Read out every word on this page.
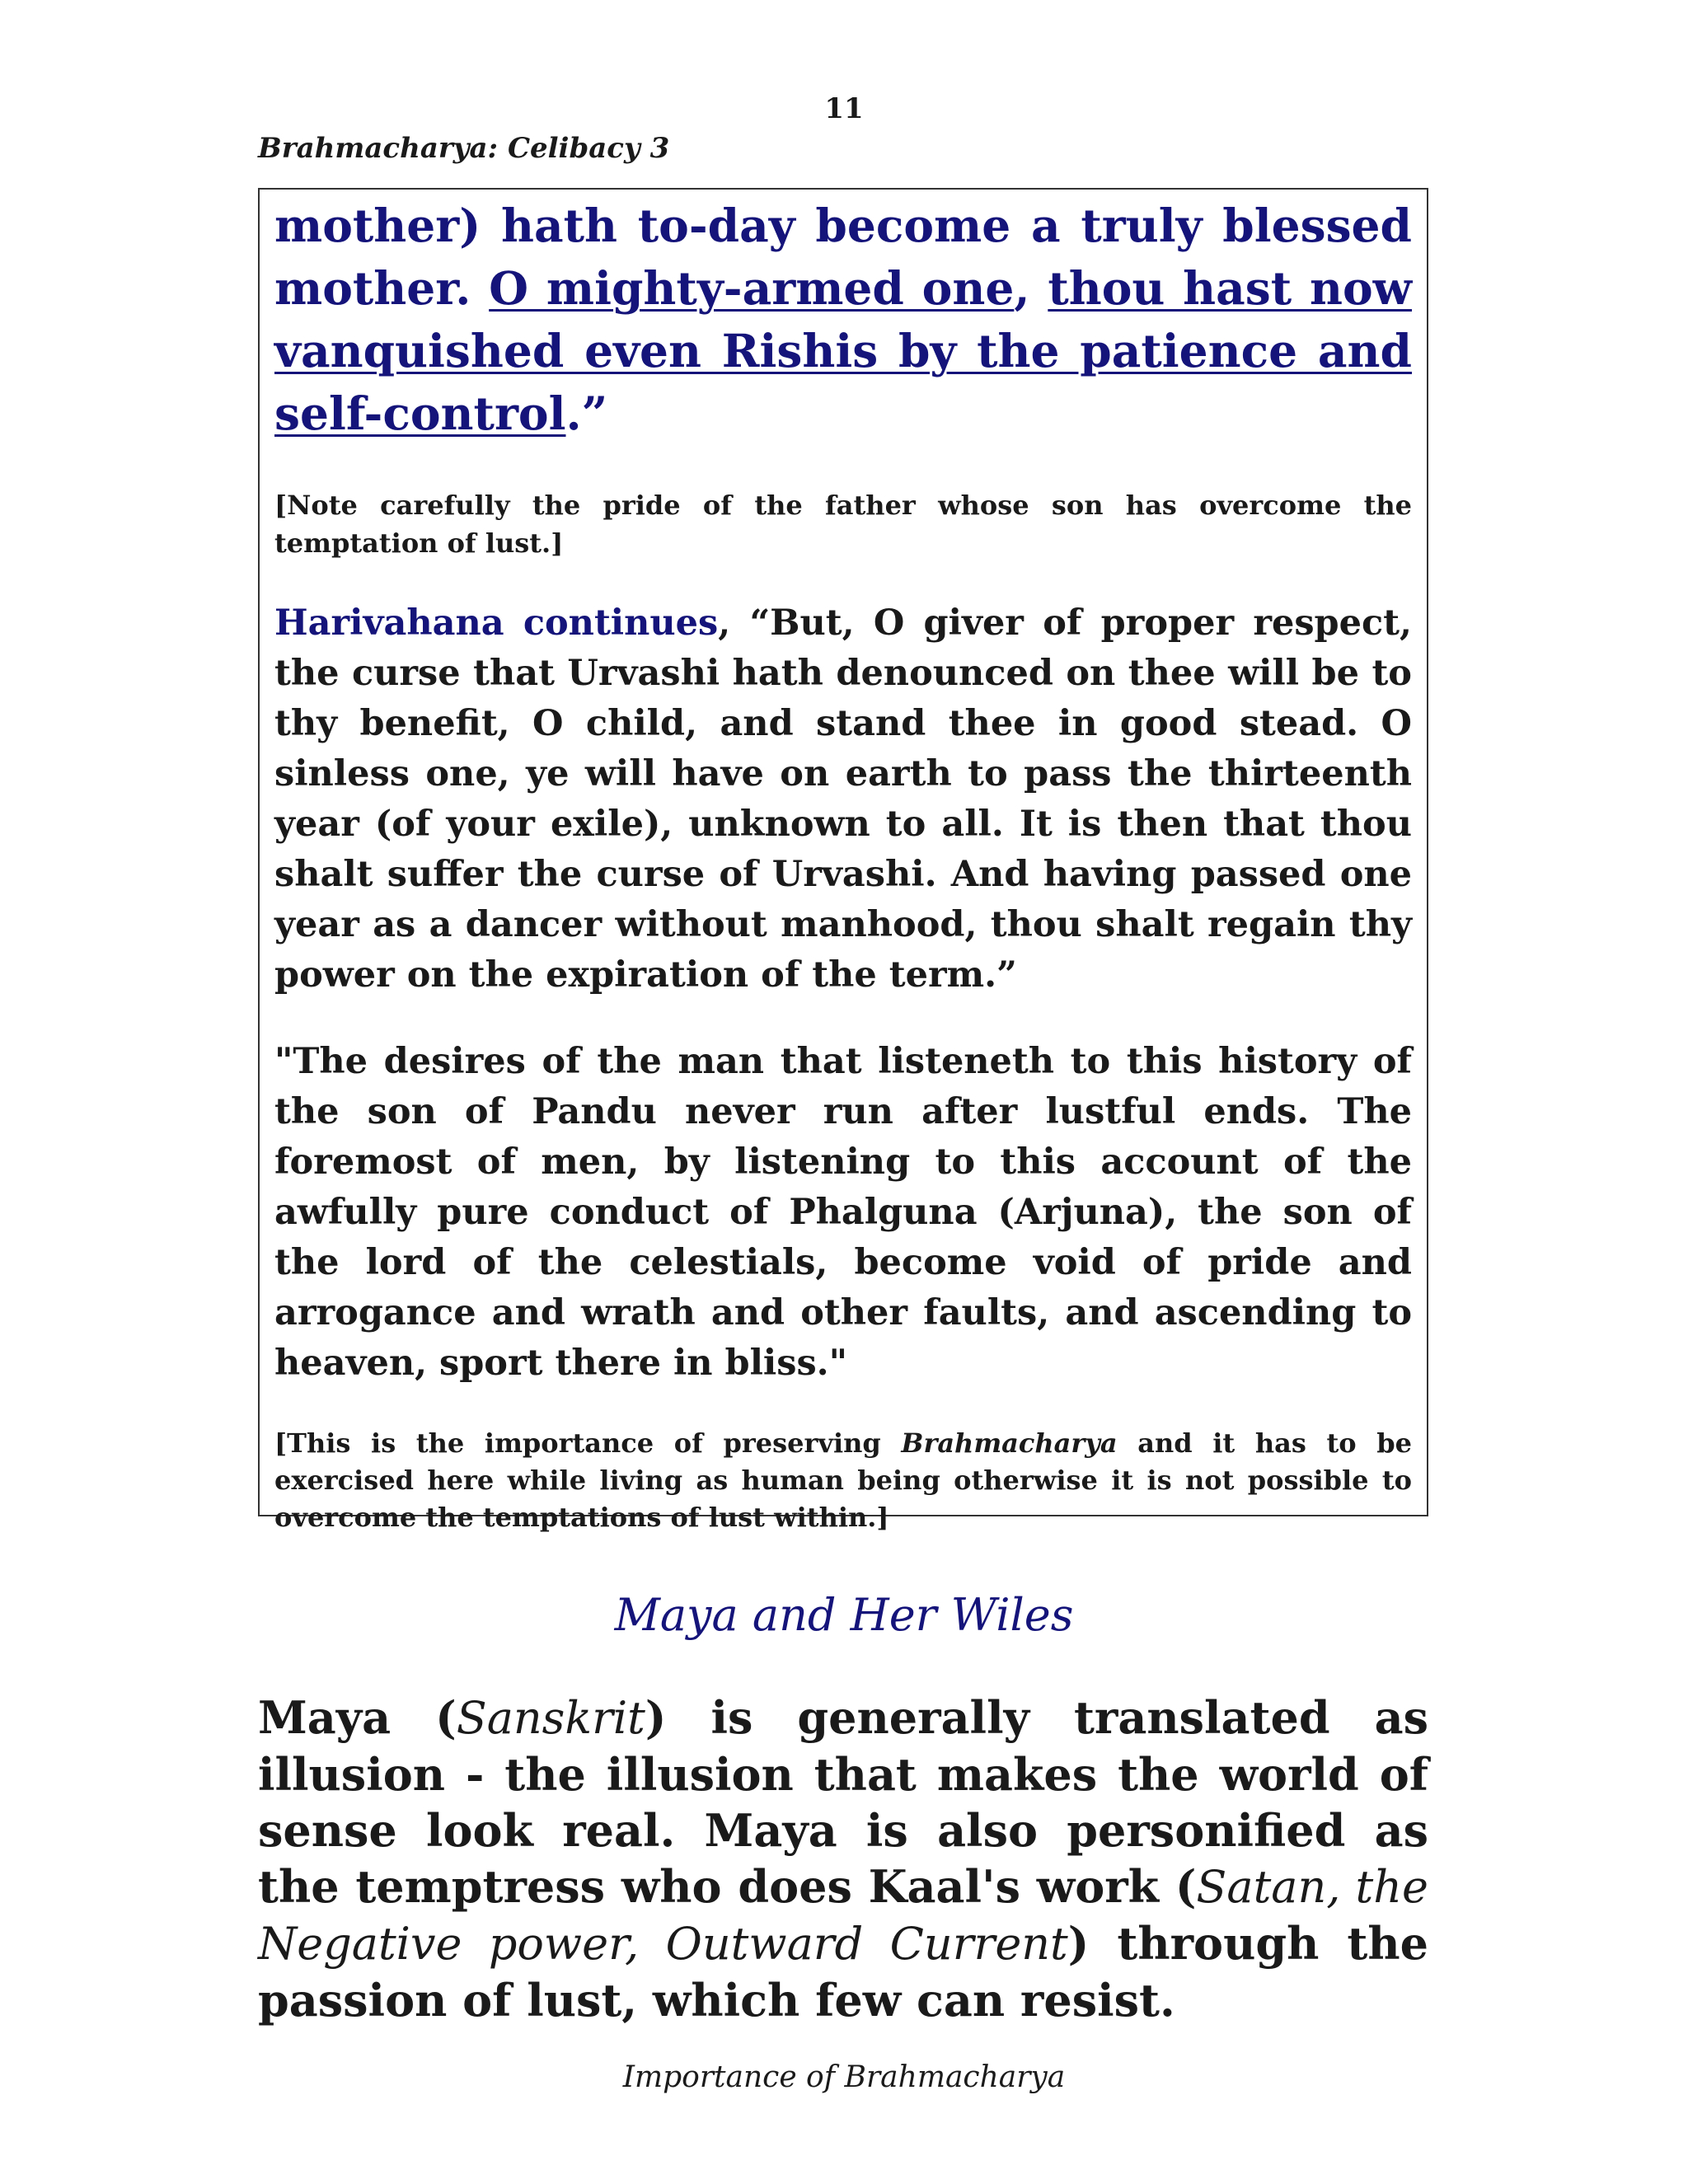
11
Brahmacharya: Celibacy 3

mother) hath to-day become a truly blessed mother. O mighty-armed one, thou hast now vanquished even Rishis by the patience and self-control.”

[Note carefully the pride of the father whose son has overcome the temptation of lust.]

Harivahana continues, “But, O giver of proper respect, the curse that Urvashi hath denounced on thee will be to thy benefit, O child, and stand thee in good stead. O sinless one, ye will have on earth to pass the thirteenth year (of your exile), unknown to all. It is then that thou shalt suffer the curse of Urvashi. And having passed one year as a dancer without manhood, thou shalt regain thy power on the expiration of the term.”

"The desires of the man that listeneth to this history of the son of Pandu never run after lustful ends. The foremost of men, by listening to this account of the awfully pure conduct of Phalguna (Arjuna), the son of the lord of the celestials, become void of pride and arrogance and wrath and other faults, and ascending to heaven, sport there in bliss."

[This is the importance of preserving Brahmacharya and it has to be exercised here while living as human being otherwise it is not possible to overcome the temptations of lust within.]

Maya and Her Wiles

Maya (Sanskrit) is generally translated as illusion - the illusion that makes the world of sense look real. Maya is also personified as the temptress who does Kaal's work (Satan, the Negative power, Outward Current) through the passion of lust, which few can resist.

Importance of Brahmacharya
